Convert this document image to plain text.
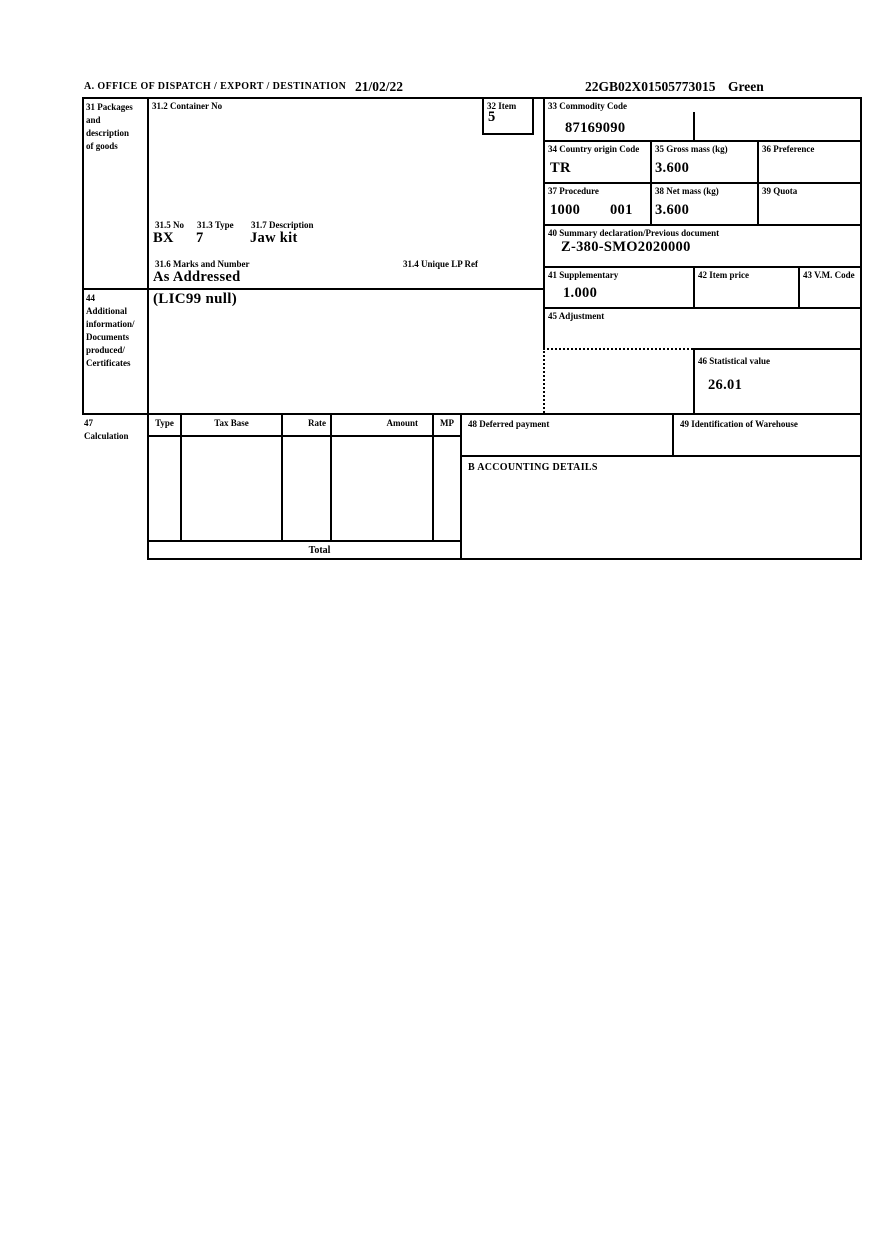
A. OFFICE OF DISPATCH / EXPORT / DESTINATION 21/02/22	22GB02X01505773015 Green
31 Packages
and
description
of goods
31.2 Container No
31.5 No	31.3 Type	31.7 Description
BX 7	Jaw kit
31.6 Marks and Number	31.4 Unique LP Ref
As Addressed
32 Item
5
33 Commodity Code
87169090
34 Country origin Code
TR
35 Gross mass (kg)
3.600
36 Preference
37 Procedure
1000 001
38 Net mass (kg)
3.600
39 Quota
40 Summary declaration/Previous document
Z-380-SMO2020000
41 Supplementary
1.000
42 Item price	43 V.M. Code
44
Additional
information/
Documents
produced/
Certificates
(LIC99 null)
45 Adjustment
46 Statistical value
26.01
47
Calculation
Type	Tax Base	Rate	Amount	MP
Total
48 Deferred payment	49 Identification of Warehouse
B ACCOUNTING DETAILS
